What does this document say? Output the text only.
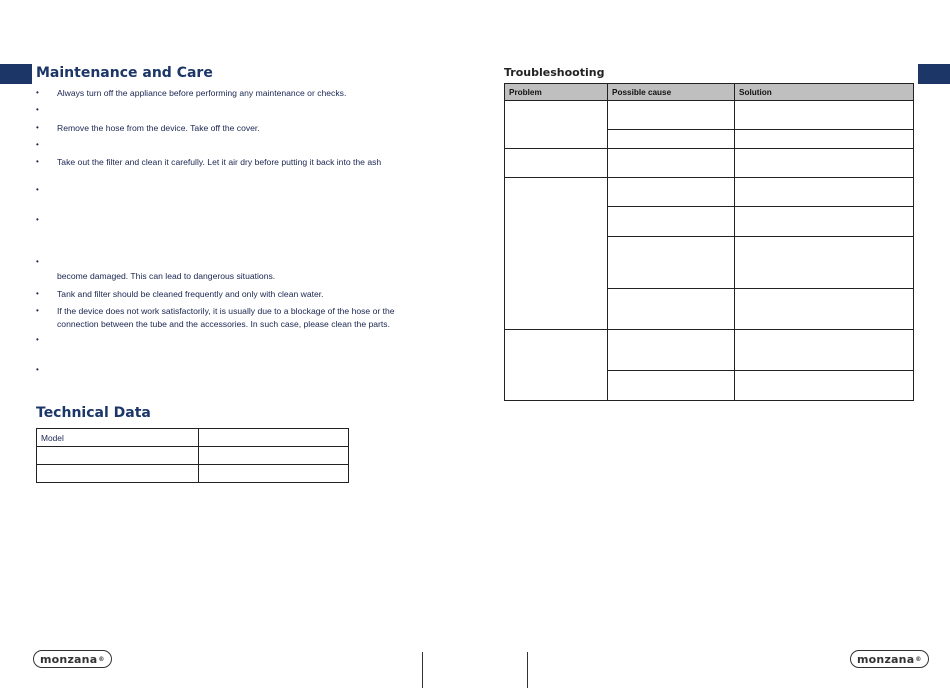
Maintenance and Care
• Always turn off the appliance before performing any maintenance or checks.
•
• Remove the hose from the device. Take off the cover.
•
• Take out the filter and clean it carefully. Let it air dry before putting it back into the ash
•
•
•
become damaged. This can lead to dangerous situations.
• Tank and filter should be cleaned frequently and only with clean water.
• If the device does not work satisfactorily, it is usually due to a blockage of the hose or the
connection between the tube and the accessories. In such case, please clean the parts.
•
•
Technical Data
Model	

Troubleshooting
Problem	Possible cause	Solution

monzana ®	monzana ®
